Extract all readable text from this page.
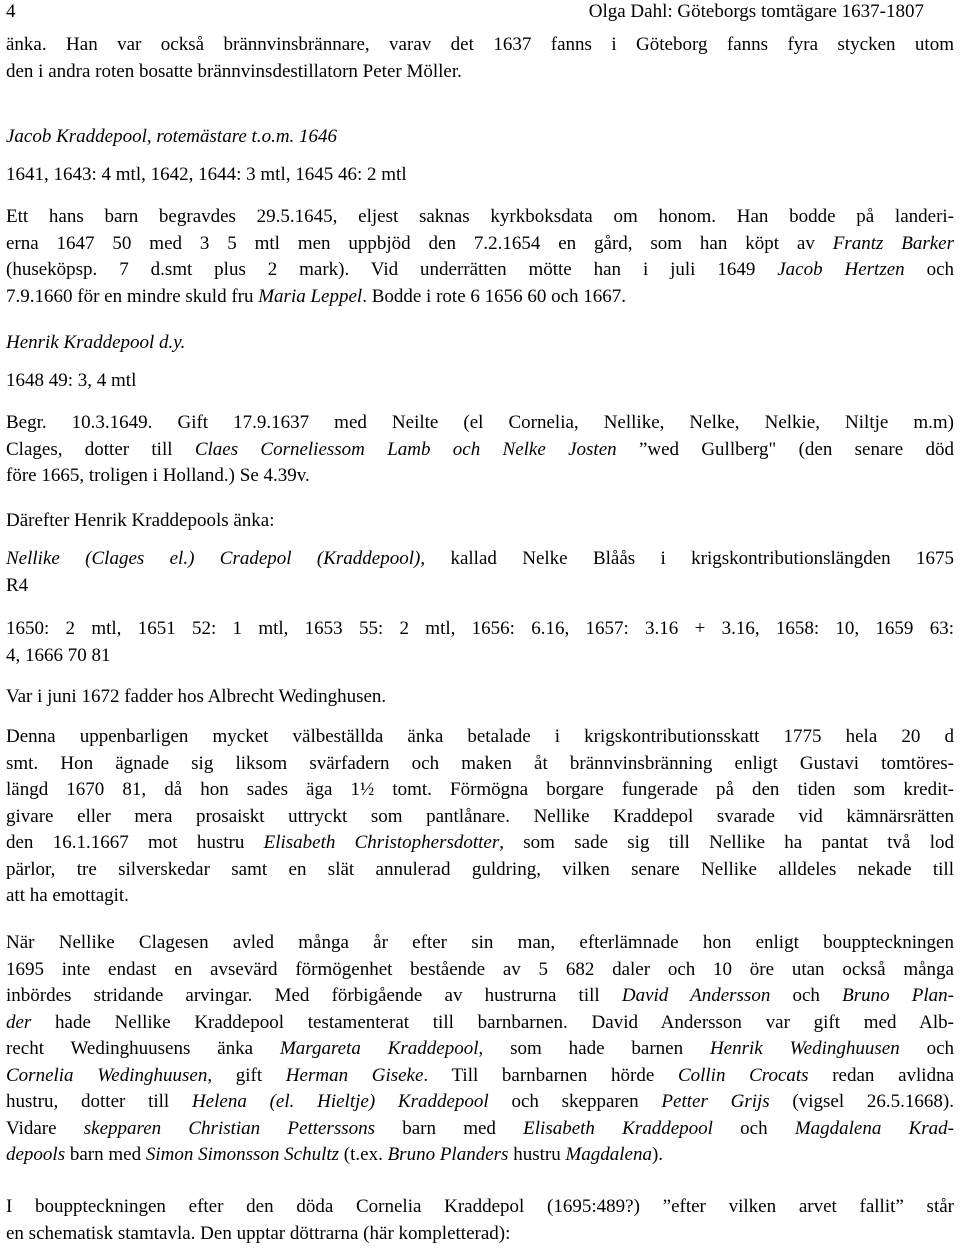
4	Olga Dahl: Göteborgs tomtägare 1637-1807
änka. Han var också brännvinsbrännare, varav det 1637 fanns i Göteborg fanns fyra stycken utom
den i andra roten bosatte brännvinsdestillatorn Peter Möller.
Jacob Kraddepool, rotemästare t.o.m. 1646
1641, 1643: 4 mtl, 1642, 1644: 3 mtl, 1645 46: 2 mtl
Ett hans barn begravdes 29.5.1645, eljest saknas kyrkboksdata om honom. Han bodde på landeri-
erna 1647 50 med 3 5 mtl men uppbjöd den 7.2.1654 en gård, som han köpt av Frantz Barker
(huseköpsp. 7 d.smt plus 2 mark). Vid underrätten mötte han i juli 1649 Jacob Hertzen och
7.9.1660 för en mindre skuld fru Maria Leppel. Bodde i rote 6 1656 60 och 1667.
Henrik Kraddepool d.y.
1648 49: 3, 4 mtl
Begr. 10.3.1649. Gift 17.9.1637 med Neilte (el Cornelia, Nellike, Nelke, Nelkie, Niltje m.m)
Clages, dotter till Claes Corneliessom Lamb och Nelke Josten ”wed Gullberg" (den senare död
före 1665, troligen i Holland.) Se 4.39v.
Därefter Henrik Kraddepools änka:
Nellike (Clages el.) Cradepol (Kraddepool), kallad Nelke Blåås i krigskontributionslängden 1675
R4
1650: 2 mtl, 1651 52: 1 mtl, 1653 55: 2 mtl, 1656: 6.16, 1657: 3.16 + 3.16, 1658: 10, 1659 63:
4, 1666 70 81
Var i juni 1672 fadder hos Albrecht Wedinghusen.
Denna uppenbarligen mycket välbeställda änka betalade i krigskontributionsskatt 1775 hela 20 d
smt. Hon ägnade sig liksom svärfadern och maken åt brännvinsbränning enligt Gustavi tomtöres-
längd 1670 81, då hon sades äga 1½ tomt. Förmögna borgare fungerade på den tiden som kredit-
givare eller mera prosaiskt uttryckt som pantlånare. Nellike Kraddepol svarade vid kämnärsrätten
den 16.1.1667 mot hustru Elisabeth Christophersdotter, som sade sig till Nellike ha pantat två lod
pärlor, tre silverskedar samt en slät annulerad guldring, vilken senare Nellike alldeles nekade till
att ha emottagit.
När Nellike Clagesen avled många år efter sin man, efterlämnade hon enligt bouppteckningen
1695 inte endast en avsevärd förmögenhet bestående av 5 682 daler och 10 öre utan också många
inbördes stridande arvingar. Med förbigående av hustrurna till David Andersson och Bruno Plan-
der hade Nellike Kraddepool testamenterat till barnbarnen. David Andersson var gift med Alb-
recht Wedinghuusens änka Margareta Kraddepool, som hade barnen Henrik Wedinghuusen och
Cornelia Wedinghuusen, gift Herman Giseke. Till barnbarnen hörde Collin Crocats redan avlidna
hustru, dotter till Helena (el. Hieltje) Kraddepool och skepparen Petter Grijs (vigsel 26.5.1668).
Vidare skepparen Christian Petterssons barn med Elisabeth Kraddepool och Magdalena Krad-
depools barn med Simon Simonsson Schultz (t.ex. Bruno Planders hustru Magdalena).
I bouppteckningen efter den döda Cornelia Kraddepol (1695:489?) ”efter vilken arvet fallit” står
en schematisk stamtavla. Den upptar döttrarna (här kompletterad):
